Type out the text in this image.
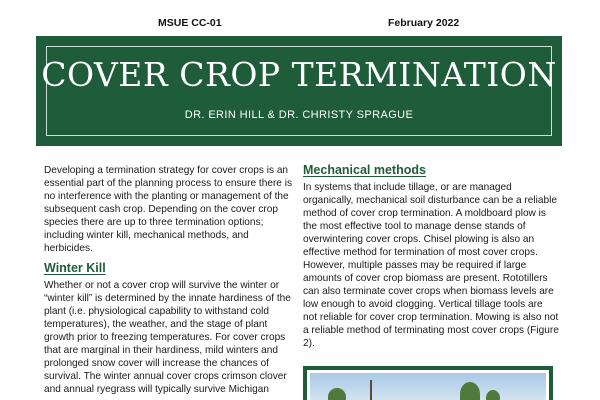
MSUE CC-01	February 2022
COVER CROP TERMINATION
DR. ERIN HILL & DR. CHRISTY SPRAGUE

Developing a termination strategy for cover crops is an essential part of the planning process to ensure there is no interference with the planting or management of the subsequent cash crop. Depending on the cover crop species there are up to three termination options; including winter kill, mechanical methods, and herbicides.

Winter Kill

Whether or not a cover crop will survive the winter or “winter kill” is determined by the innate hardiness of the plant (i.e. physiological capability to withstand cold temperatures), the weather, and the stage of plant growth prior to freezing temperatures. For cover crops that are marginal in their hardiness, mild winters and prolonged snow cover will increase the chances of survival. The winter annual cover crops crimson clover and annual ryegrass will typically survive Michigan

Mechanical methods

In systems that include tillage, or are managed organically, mechanical soil disturbance can be a reliable method of cover crop termination. A moldboard plow is the most effective tool to manage dense stands of overwintering cover crops. Chisel plowing is also an effective method for termination of most cover crops. However, multiple passes may be required if large amounts of cover crop biomass are present. Rototillers can also terminate cover crops when biomass levels are low enough to avoid clogging. Vertical tillage tools are not reliable for cover crop termination. Mowing is also not a reliable method of terminating most cover crops (Figure 2).
